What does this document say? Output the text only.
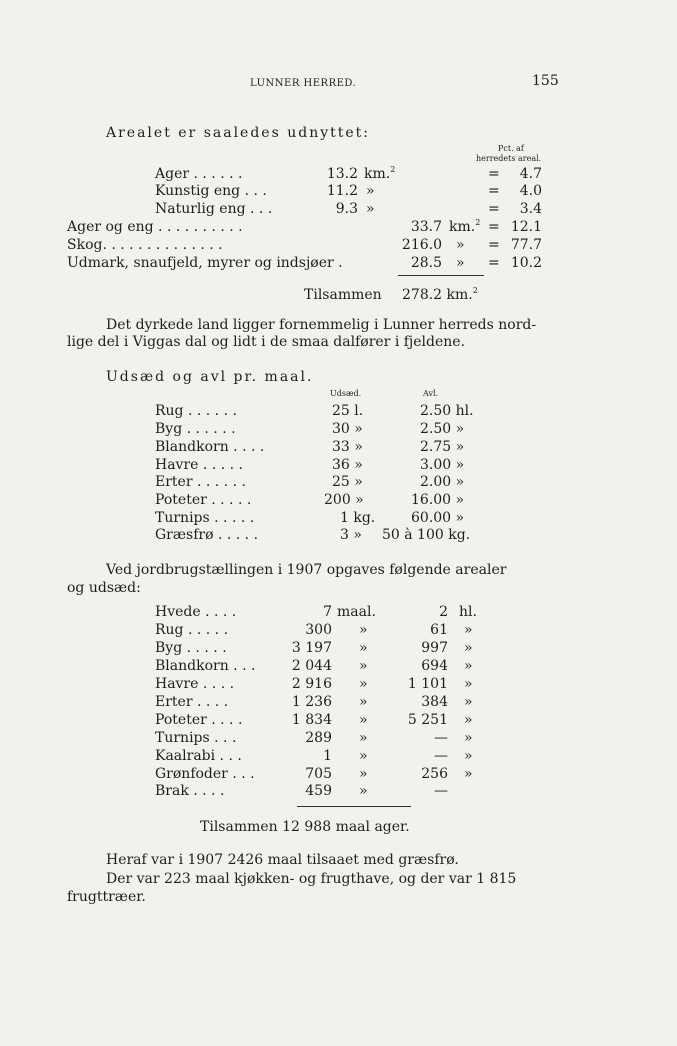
LUNNER HERRED.	155
Arealet er saaledes udnyttet:
Pct. af
herredets areal.
Ager . . . . . .	13.2 km.$^2$	=	4.7
Kunstig eng . . .	11.2 »	=	4.0
Naturlig eng . . .	9.3 »	=	3.4
Ager og eng . . . . . . . . . .	33.7 km.$^2$ = 12.1
Skog. . . . . . . . . . . . . .	216.0 » = 77.7
Udmark, snaufjeld, myrer og indsjøer .	28.5 » = 10.2
Tilsammen 278.2 km.$^2$
Det dyrkede land ligger fornemmelig i Lunner herreds nord-
lige del i Viggas dal og lidt i de smaa dalfører i fjeldene.
Udsæd og avl pr. maal.
Udsæd.	Avl.
Rug . . . . . .	25 l.	2.50 hl.
Byg . . . . . .	30 »	2.50 »
Blandkorn . . . .	33 »	2.75 »
Havre . . . . .	36 »	3.00 »
Erter . . . . . .	25 »	2.00 »
Poteter . . . . .	200 »	16.00 »
Turnips . . . . .	1 kg.	60.00 »
Græsfrø . . . . .	3 » 50 à 100 kg.
Ved jordbrugstællingen i 1907 opgaves følgende arealer
og udsæd:
Hvede . . . .	7 maal.	2 hl.
Rug . . . . .	300 »	61 »
Byg . . . . .	3 197 »	997 »
Blandkorn . . .	2 044 »	694 »
Havre . . . .	2 916 »	1 101 »
Erter . . . .	1 236 »	384 »
Poteter . . . .	1 834 »	5 251 »
Turnips . . .	289 »	— »
Kaalrabi . . .	1 »	— »
Grønfoder . . .	705 »	256 »
Brak . . . .	459 »	—
Tilsammen 12 988 maal ager.
Heraf var i 1907 2426 maal tilsaaet med græsfrø.
Der var 223 maal kjøkken- og frugthave, og der var 1 815
frugttræer.
